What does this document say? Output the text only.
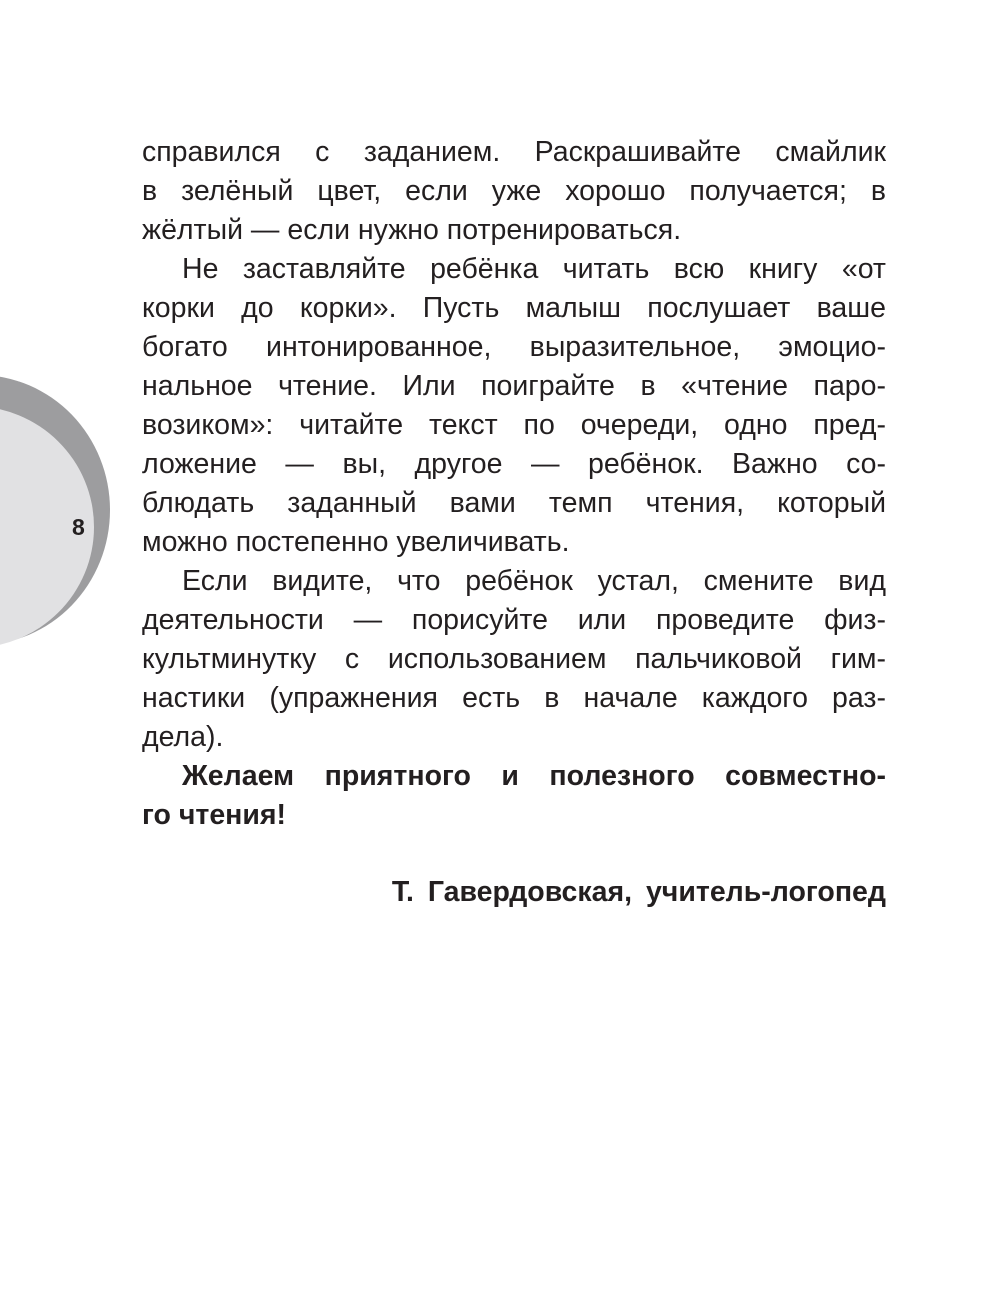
8
справился с заданием. Раскрашивайте смайлик
в зелёный цвет, если уже хорошо получается; в
жёлтый — если нужно потренироваться.
Не заставляйте ребёнка читать всю книгу «от
корки до корки». Пусть малыш послушает ваше
богато интонированное, выразительное, эмоцио-
нальное чтение. Или поиграйте в «чтение паро-
возиком»: читайте текст по очереди, одно пред-
ложение — вы, другое — ребёнок. Важно со-
блюдать заданный вами темп чтения, который
можно постепенно увеличивать.
Если видите, что ребёнок устал, смените вид
деятельности — порисуйте или проведите физ-
культминутку с использованием пальчиковой гим-
настики (упражнения есть в начале каждого раз-
дела).
Желаем приятного и полезного совместно-
го чтения!
Т. Гавердовская, учитель-логопед
